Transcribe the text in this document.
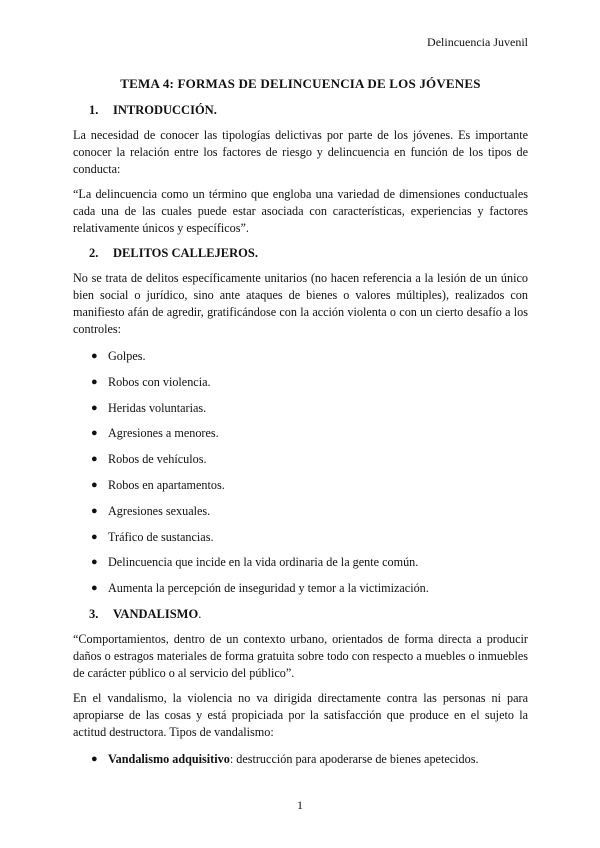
Delincuencia Juvenil
TEMA 4: FORMAS DE DELINCUENCIA DE LOS JÓVENES
1.	INTRODUCCIÓN.

La necesidad de conocer las tipologías delictivas por parte de los jóvenes. Es importante conocer la relación entre los factores de riesgo y delincuencia en función de los tipos de conducta:

“La delincuencia como un término que engloba una variedad de dimensiones conductuales cada una de las cuales puede estar asociada con características, experiencias y factores relativamente únicos y específicos”.

2.	DELITOS CALLEJEROS.

No se trata de delitos específicamente unitarios (no hacen referencia a la lesión de un único bien social o jurídico, sino ante ataques de bienes o valores múltiples), realizados con manifiesto afán de agredir, gratificándose con la acción violenta o con un cierto desafío a los controles:

● Golpes.
● Robos con violencia.
● Heridas voluntarias.
● Agresiones a menores.
● Robos de vehículos.
● Robos en apartamentos.
● Agresiones sexuales.
● Tráfico de sustancias.
● Delincuencia que incide en la vida ordinaria de la gente común.
● Aumenta la percepción de inseguridad y temor a la victimización.
3.	VANDALISMO .

“Comportamientos, dentro de un contexto urbano, orientados de forma directa a producir daños o estragos materiales de forma gratuita sobre todo con respecto a muebles o inmuebles de carácter público o al servicio del público”.

En el vandalismo, la violencia no va dirigida directamente contra las personas ni para apropiarse de las cosas y está propiciada por la satisfacción que produce en el sujeto la actitud destructora. Tipos de vandalismo:

● Vandalismo adquisitivo: destrucción para apoderarse de bienes apetecidos.
1
